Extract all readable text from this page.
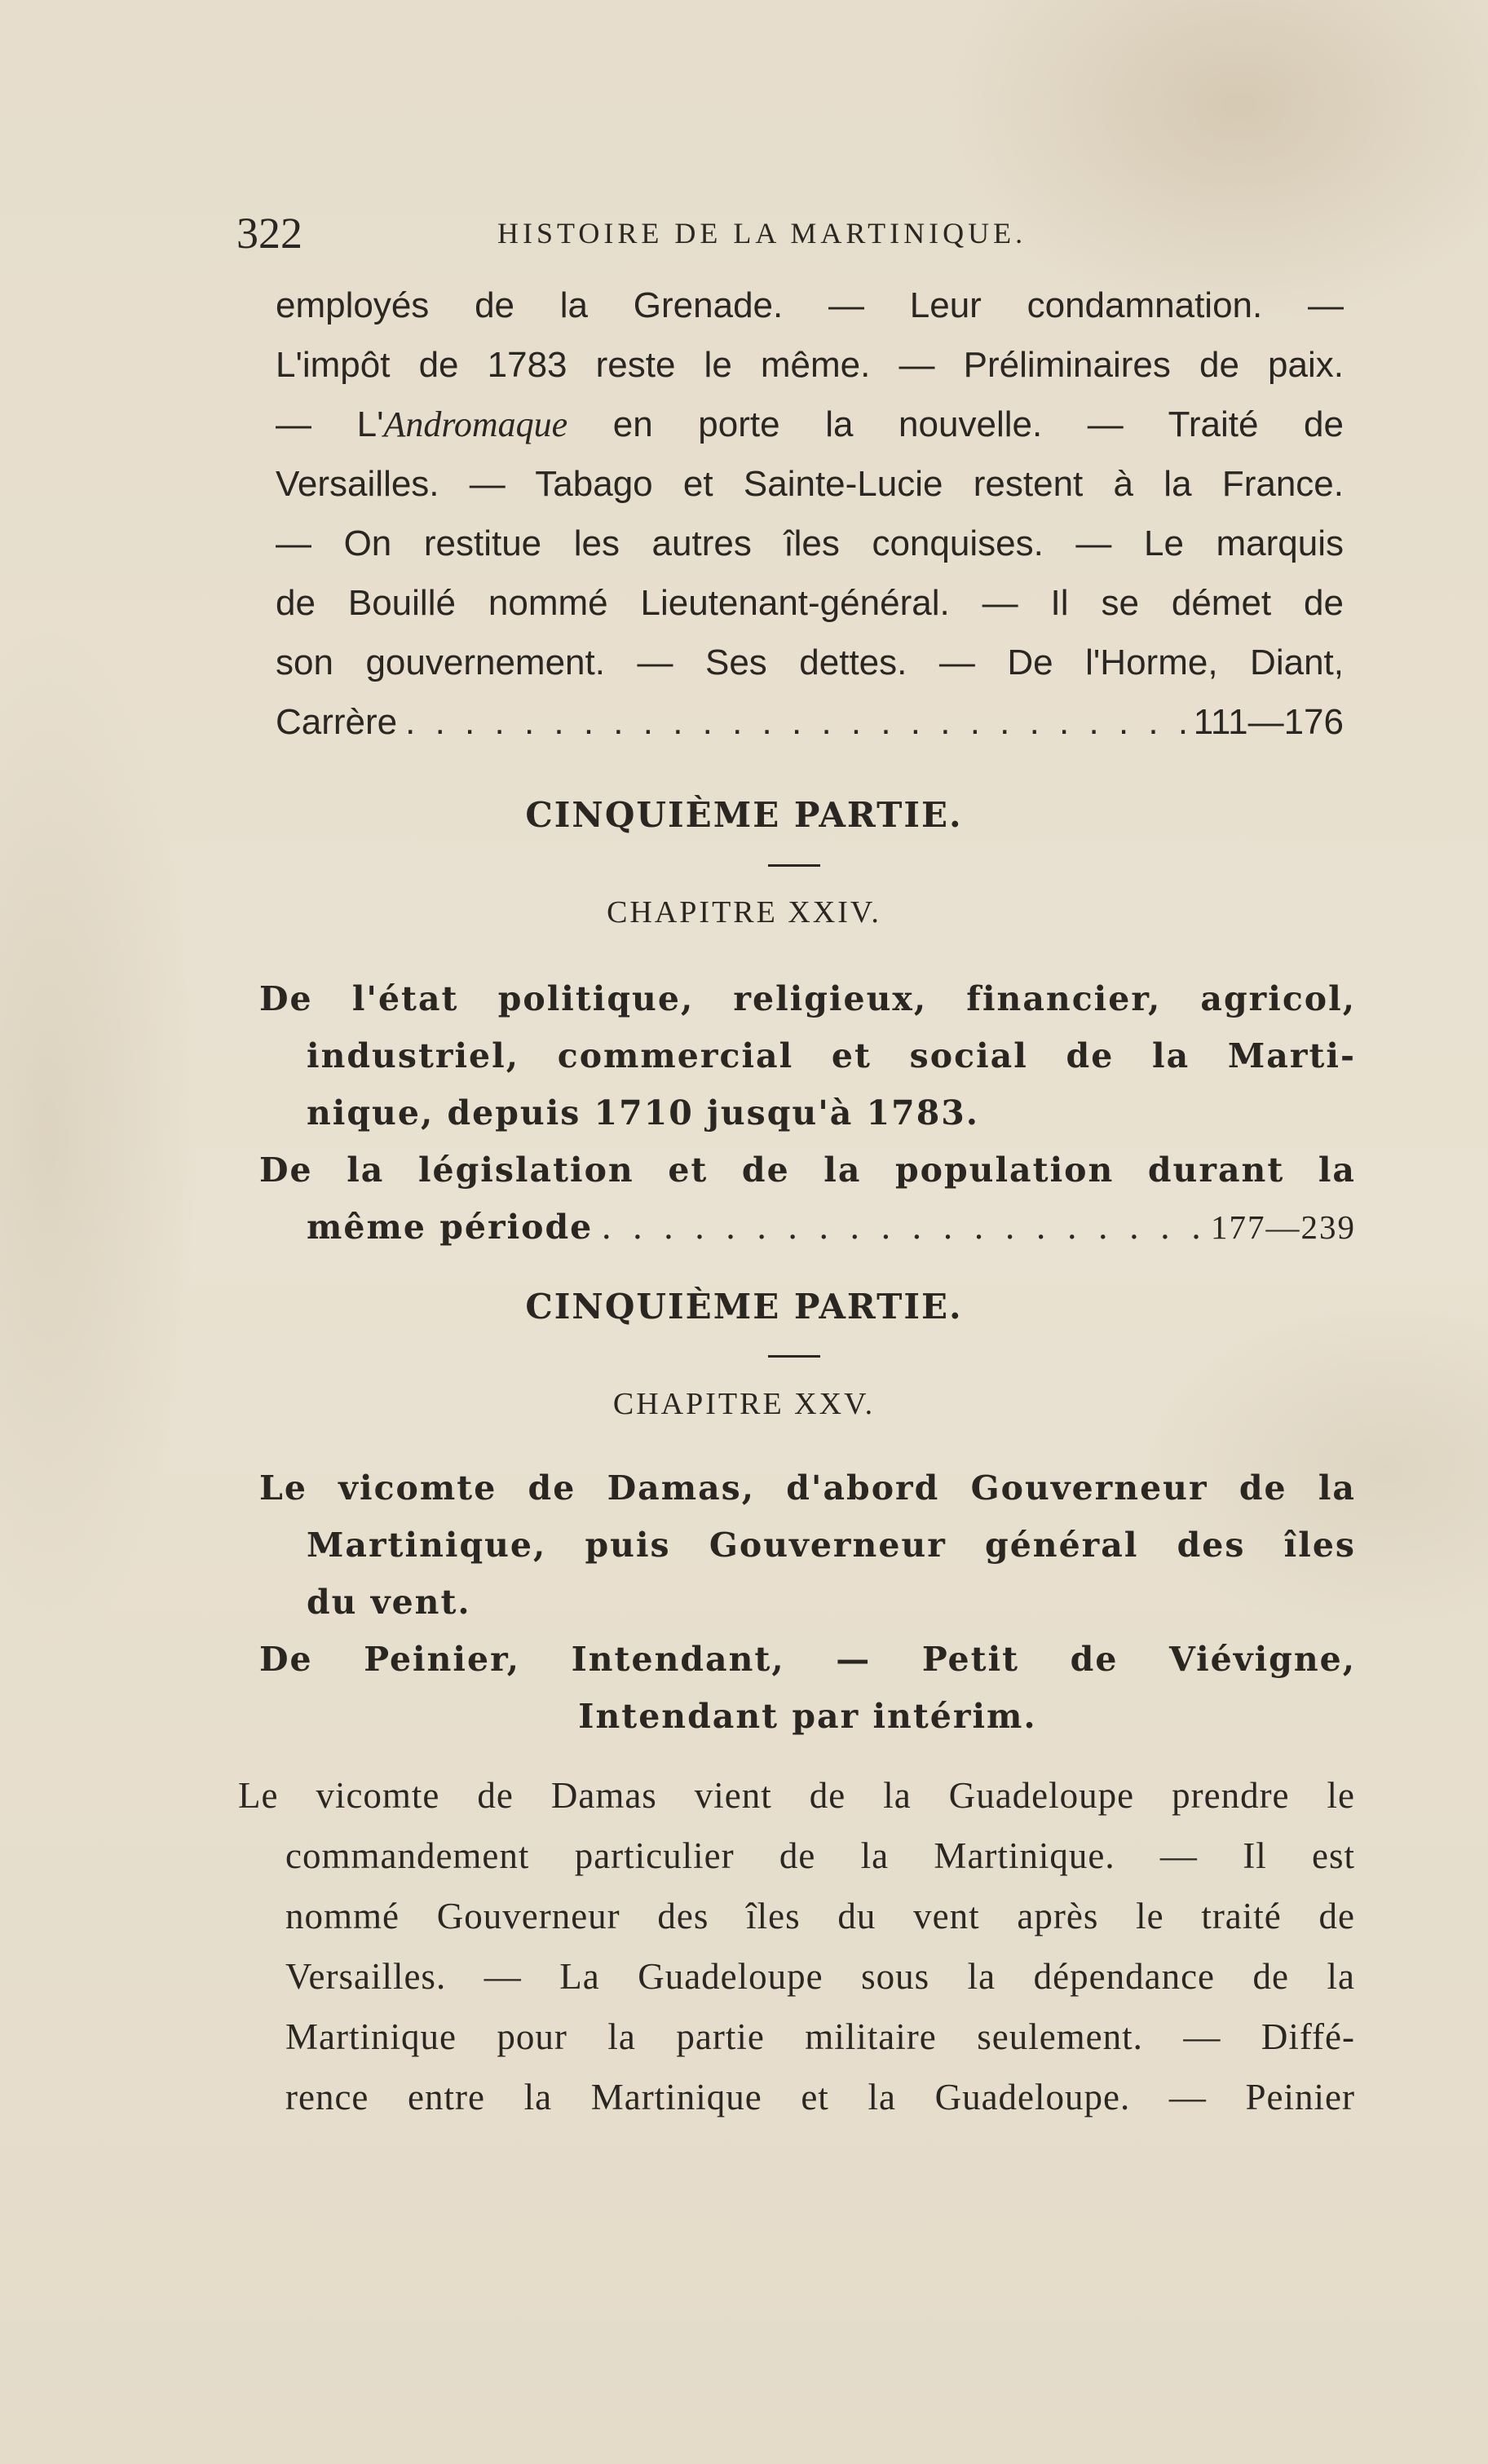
322	HISTOIRE DE LA MARTINIQUE.
employés de la Grenade. — Leur condamnation. —
L'impôt de 1783 reste le même. — Préliminaires de paix.
— L'Andromaque en porte la nouvelle. — Traité de
Versailles. — Tabago et Sainte-Lucie restent à la France.
— On restitue les autres îles conquises. — Le marquis
de Bouillé nommé Lieutenant-général. — Il se démet de
son gouvernement. — Ses dettes. — De l'Horme, Diant,
Carrère . . .	111—176
CINQUIÈME PARTIE.
CHAPITRE XXIV.
De l'état politique, religieux, financier, agricol,
industriel, commercial et social de la Marti-
nique, depuis 1710 jusqu'à 1783.
De la législation et de la population durant la
même période . . .	177—239
CINQUIÈME PARTIE.
CHAPITRE XXV.
Le vicomte de Damas, d'abord Gouverneur de la
Martinique, puis Gouverneur général des îles
du vent.
De Peinier, Intendant, — Petit de Viévigne,
Intendant par intérim.
Le vicomte de Damas vient de la Guadeloupe prendre le
commandement particulier de la Martinique. — Il est
nommé Gouverneur des îles du vent après le traité de
Versailles. — La Guadeloupe sous la dépendance de la
Martinique pour la partie militaire seulement. — Diffé-
rence entre la Martinique et la Guadeloupe. — Peinier
